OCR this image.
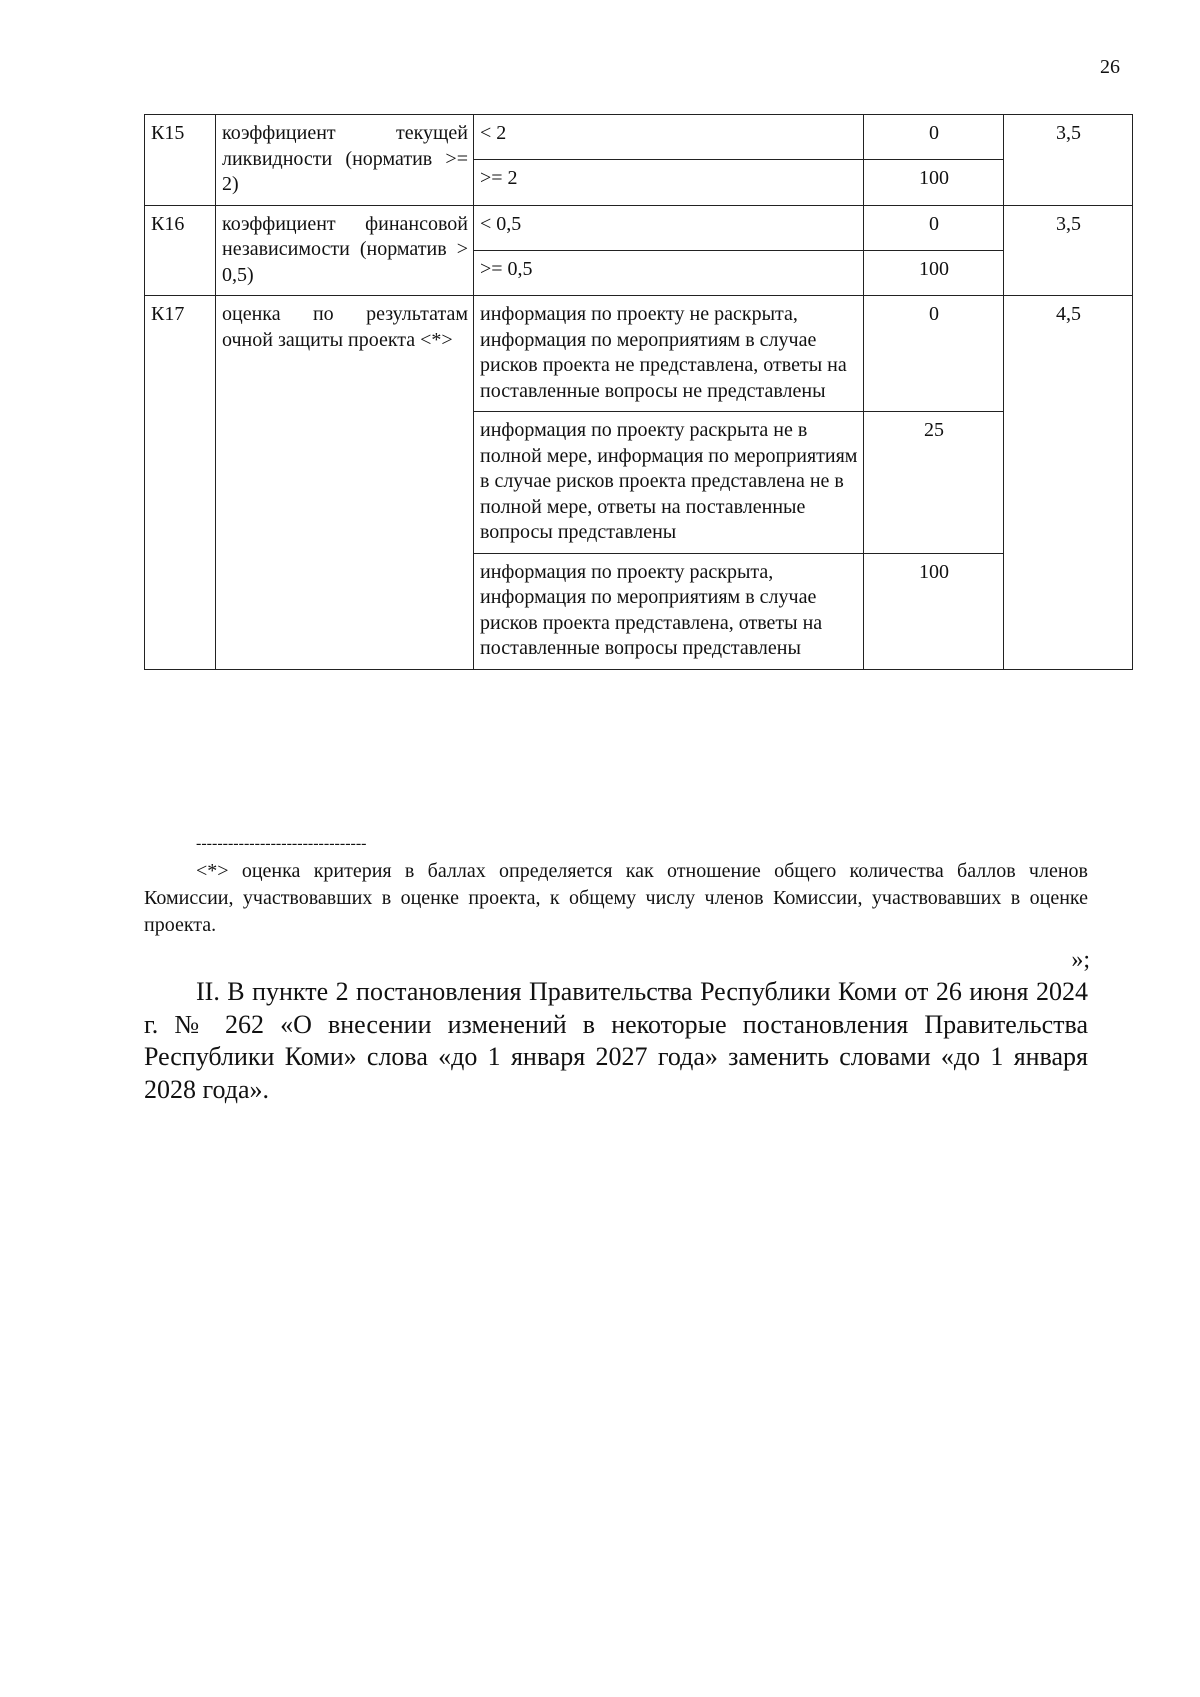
26
К15	коэффициент текущей ликвидности (норматив >= 2)	< 2	0	3,5
		>= 2	100	
К16	коэффициент финансовой независимости (норматив > 0,5)	< 0,5	0	3,5
		>= 0,5	100	
К17	оценка по результатам очной защиты проекта <*>	информация по проекту не раскрыта, информация по мероприятиям в случае рисков проекта не представлена, ответы на поставленные вопросы не представлены	0	4,5
		информация по проекту раскрыта не в полной мере, информация по мероприятиям в случае рисков проекта представлена не в полной мере, ответы на поставленные вопросы представлены	25	
		информация по проекту раскрыта, информация по мероприятиям в случае рисков проекта представлена, ответы на поставленные вопросы представлены	100	
--------------------------------
<*> оценка критерия в баллах определяется как отношение общего количества баллов членов Комиссии, участвовавших в оценке проекта, к общему числу членов Комиссии, участвовавших в оценке проекта.
»;
II. В пункте 2 постановления Правительства Республики Коми от 26 июня 2024 г. № 262 «О внесении изменений в некоторые постановления Правительства Республики Коми» слова «до 1 января 2027 года» заменить словами «до 1 января 2028 года».
